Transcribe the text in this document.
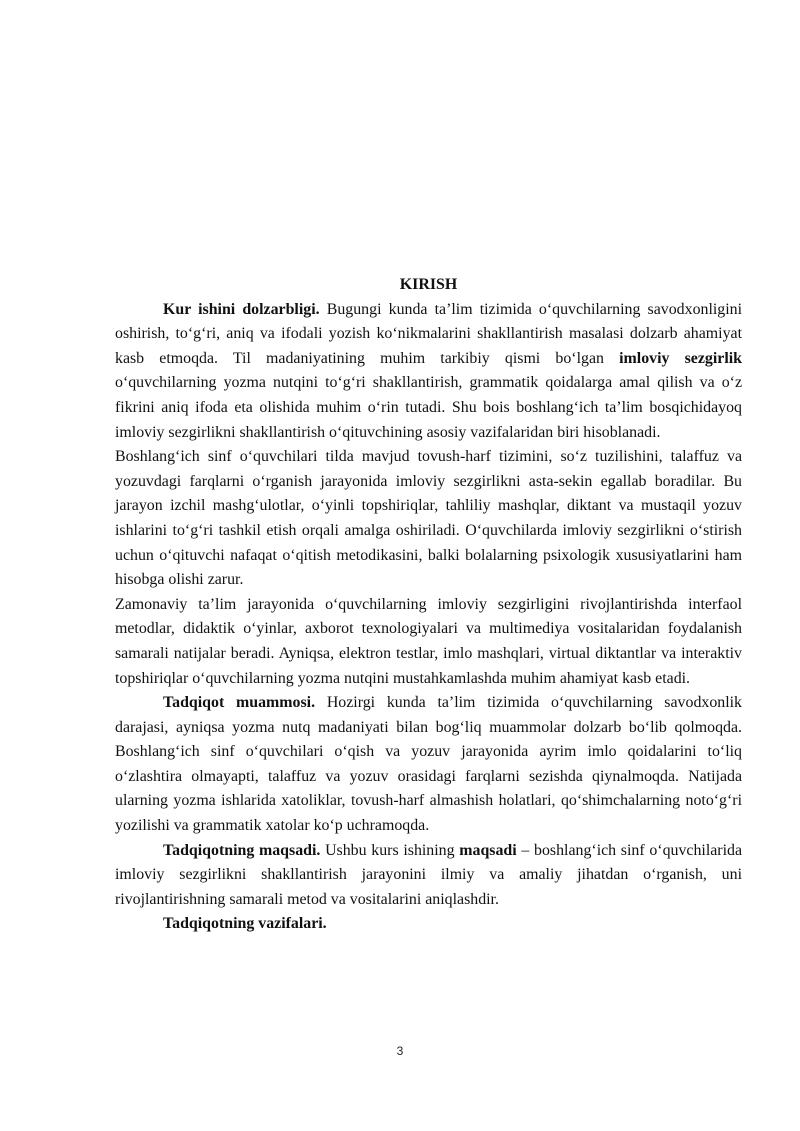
KIRISH

Kur ishini dolzarbligi. Bugungi kunda ta’lim tizimida o‘quvchilarning savodxonligini oshirish, to‘g‘ri, aniq va ifodali yozish ko‘nikmalarini shakllantirish masalasi dolzarb ahamiyat kasb etmoqda. Til madaniyatining muhim tarkibiy qismi bo‘lgan imloviy sezgirlik o‘quvchilarning yozma nutqini to‘g‘ri shakllantirish, grammatik qoidalarga amal qilish va o‘z fikrini aniq ifoda eta olishida muhim o‘rin tutadi. Shu bois boshlang‘ich ta’lim bosqichidayoq imloviy sezgirlikni shakllantirish o‘qituvchining asosiy vazifalaridan biri hisoblanadi.

Boshlang‘ich sinf o‘quvchilari tilda mavjud tovush-harf tizimini, so‘z tuzilishini, talaffuz va yozuvdagi farqlarni o‘rganish jarayonida imloviy sezgirlikni asta-sekin egallab boradilar. Bu jarayon izchil mashg‘ulotlar, o‘yinli topshiriqlar, tahliliy mashqlar, diktant va mustaqil yozuv ishlarini to‘g‘ri tashkil etish orqali amalga oshiriladi. O‘quvchilarda imloviy sezgirlikni o‘stirish uchun o‘qituvchi nafaqat o‘qitish metodikasini, balki bolalarning psixologik xususiyatlarini ham hisobga olishi zarur.

Zamonaviy ta’lim jarayonida o‘quvchilarning imloviy sezgirligini rivojlantirishda interfaol metodlar, didaktik o‘yinlar, axborot texnologiyalari va multimediya vositalaridan foydalanish samarali natijalar beradi. Ayniqsa, elektron testlar, imlo mashqlari, virtual diktantlar va interaktiv topshiriqlar o‘quvchilarning yozma nutqini mustahkamlashda muhim ahamiyat kasb etadi.

Tadqiqot muammosi. Hozirgi kunda ta’lim tizimida o‘quvchilarning savodxonlik darajasi, ayniqsa yozma nutq madaniyati bilan bog‘liq muammolar dolzarb bo‘lib qolmoqda. Boshlang‘ich sinf o‘quvchilari o‘qish va yozuv jarayonida ayrim imlo qoidalarini to‘liq o‘zlashtira olmayapti, talaffuz va yozuv orasidagi farqlarni sezishda qiynalmoqda. Natijada ularning yozma ishlarida xatoliklar, tovush-harf almashish holatlari, qo‘shimchalarning noto‘g‘ri yozilishi va grammatik xatolar ko‘p uchramoqda.

Tadqiqotning maqsadi. Ushbu kurs ishining maqsadi – boshlang‘ich sinf o‘quvchilarida imloviy sezgirlikni shakllantirish jarayonini ilmiy va amaliy jihatdan o‘rganish, uni rivojlantirishning samarali metod va vositalarini aniqlashdir.

Tadqiqotning vazifalari.

3
